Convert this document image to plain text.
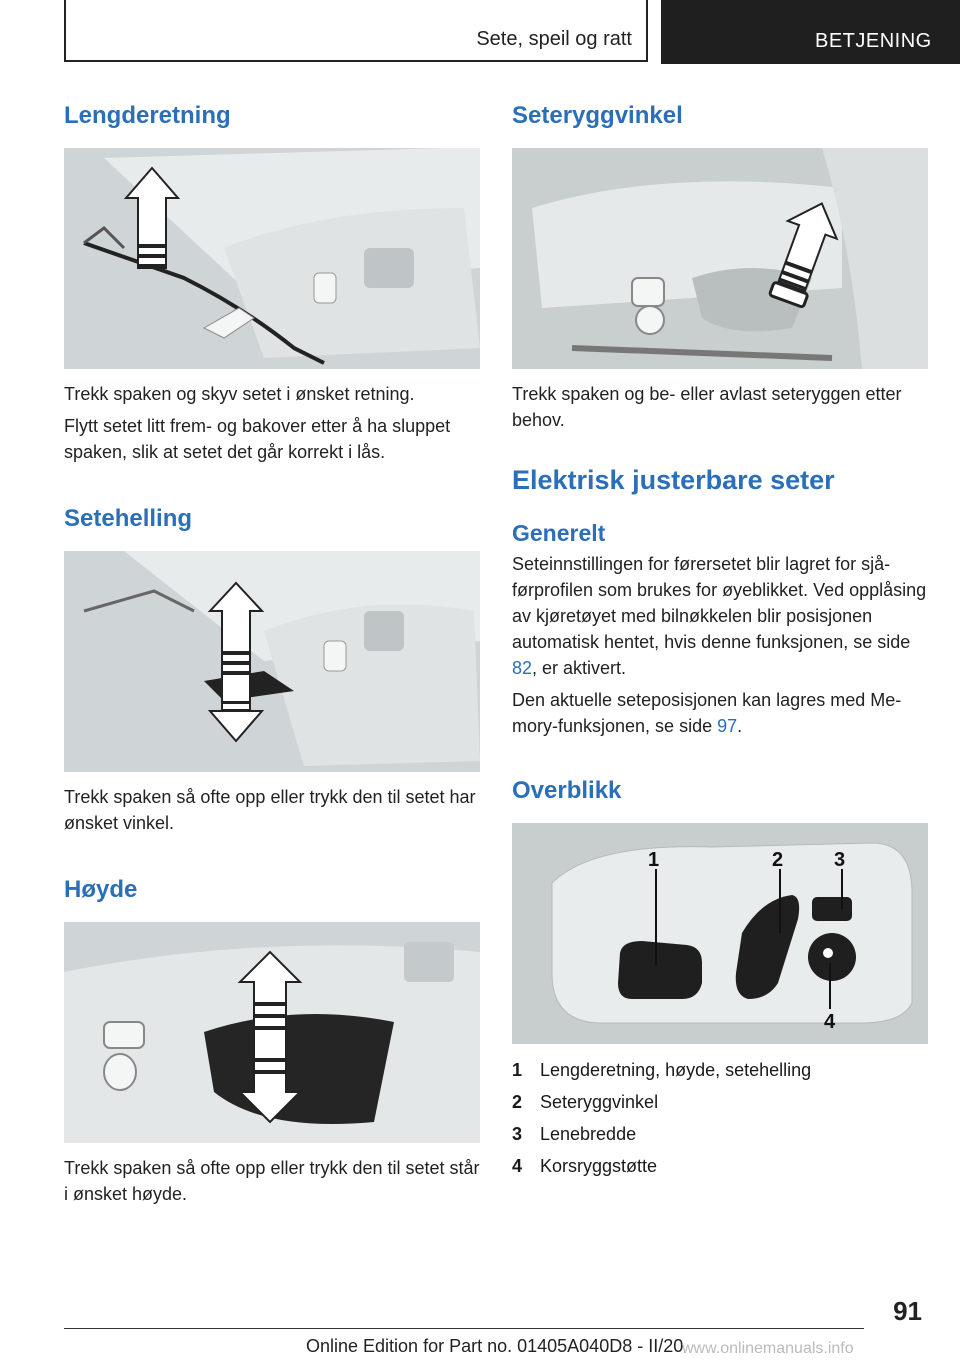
Sete, speil og ratt	BETJENING
Lengderetning

Trekk spaken og skyv setet i ønsket retning.

Flytt setet litt frem- og bakover etter å ha sluppet spaken, slik at setet det går korrekt i lås.

Setehelling

Trekk spaken så ofte opp eller trykk den til setet har ønsket vinkel.

Høyde

Trekk spaken så ofte opp eller trykk den til setet står i ønsket høyde.

Seteryggvinkel

Trekk spaken og be- eller avlast seteryggen etter behov.

Elektrisk justerbare seter
Generelt

Seteinnstillingen for førersetet blir lagret for sjåførprofilen som brukes for øyeblikket. Ved opplåsing av kjøretøyet med bilnøkkelen blir posisjonen automatisk hentet, hvis denne funksjonen, se side 82, er aktivert.

Den aktuelle seteposisjonen kan lagres med Memory-funksjonen, se side 97.

Overblikk
1	2	3
4
1 Lengderetning, høyde, setehelling
2 Seteryggvinkel
3 Lenebredde
4 Korsryggstøtte
91
Online Edition for Part no. 01405A040D8 - II/20
www.onlinemanuals.info
